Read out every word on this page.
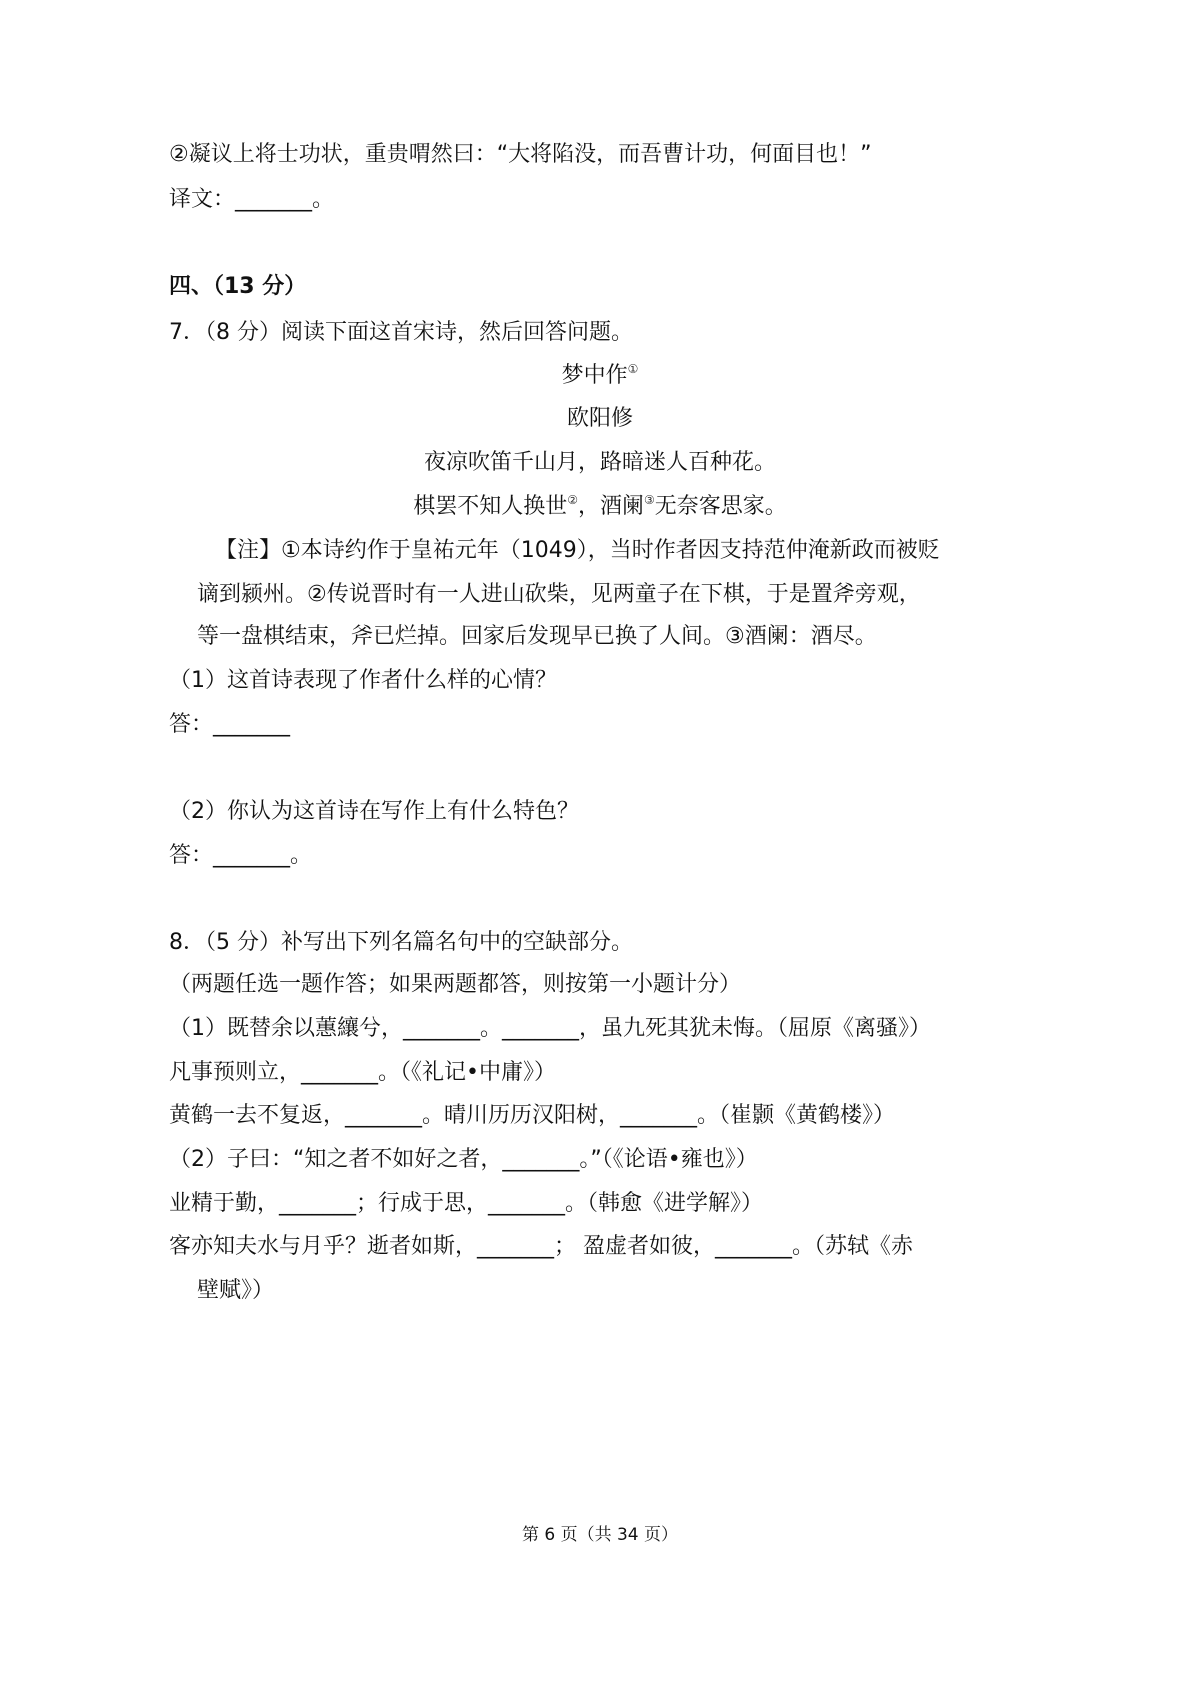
②凝议上将士功状，重贵喟然曰：“大将陷没，而吾曹计功，何面目也！”
译文：_______。
四、（13 分）
7．（8 分）阅读下面这首宋诗，然后回答问题。
梦中作①
欧阳修
夜凉吹笛千山月，路暗迷人百种花。
棋罢不知人换世②，酒阑③无奈客思家。
【注】①本诗约作于皇祐元年（1049），当时作者因支持范仲淹新政而被贬
谪到颍州。②传说晋时有一人进山砍柴，见两童子在下棋，于是置斧旁观，
等一盘棋结束，斧已烂掉。回家后发现早已换了人间。③酒阑：酒尽。
（1）这首诗表现了作者什么样的心情？
答：_______
（2）你认为这首诗在写作上有什么特色？
答：_______。
8．（5 分）补写出下列名篇名句中的空缺部分。
（两题任选一题作答；如果两题都答，则按第一小题计分）
（1）既替余以蕙纕兮，_______。_______，虽九死其犹未悔。（屈原《离骚》）
凡事预则立，_______。（《礼记•中庸》）
黄鹤一去不复返，_______。晴川历历汉阳树，_______。（崔颢《黄鹤楼》）
（2）子曰：“知之者不如好之者，_______。”（《论语•雍也》）
业精于勤，_______；行成于思，_______。（韩愈《进学解》）
客亦知夫水与月乎？逝者如斯，_______； 盈虚者如彼，_______。（苏轼《赤
壁赋》）
第 6 页（共 34 页）
